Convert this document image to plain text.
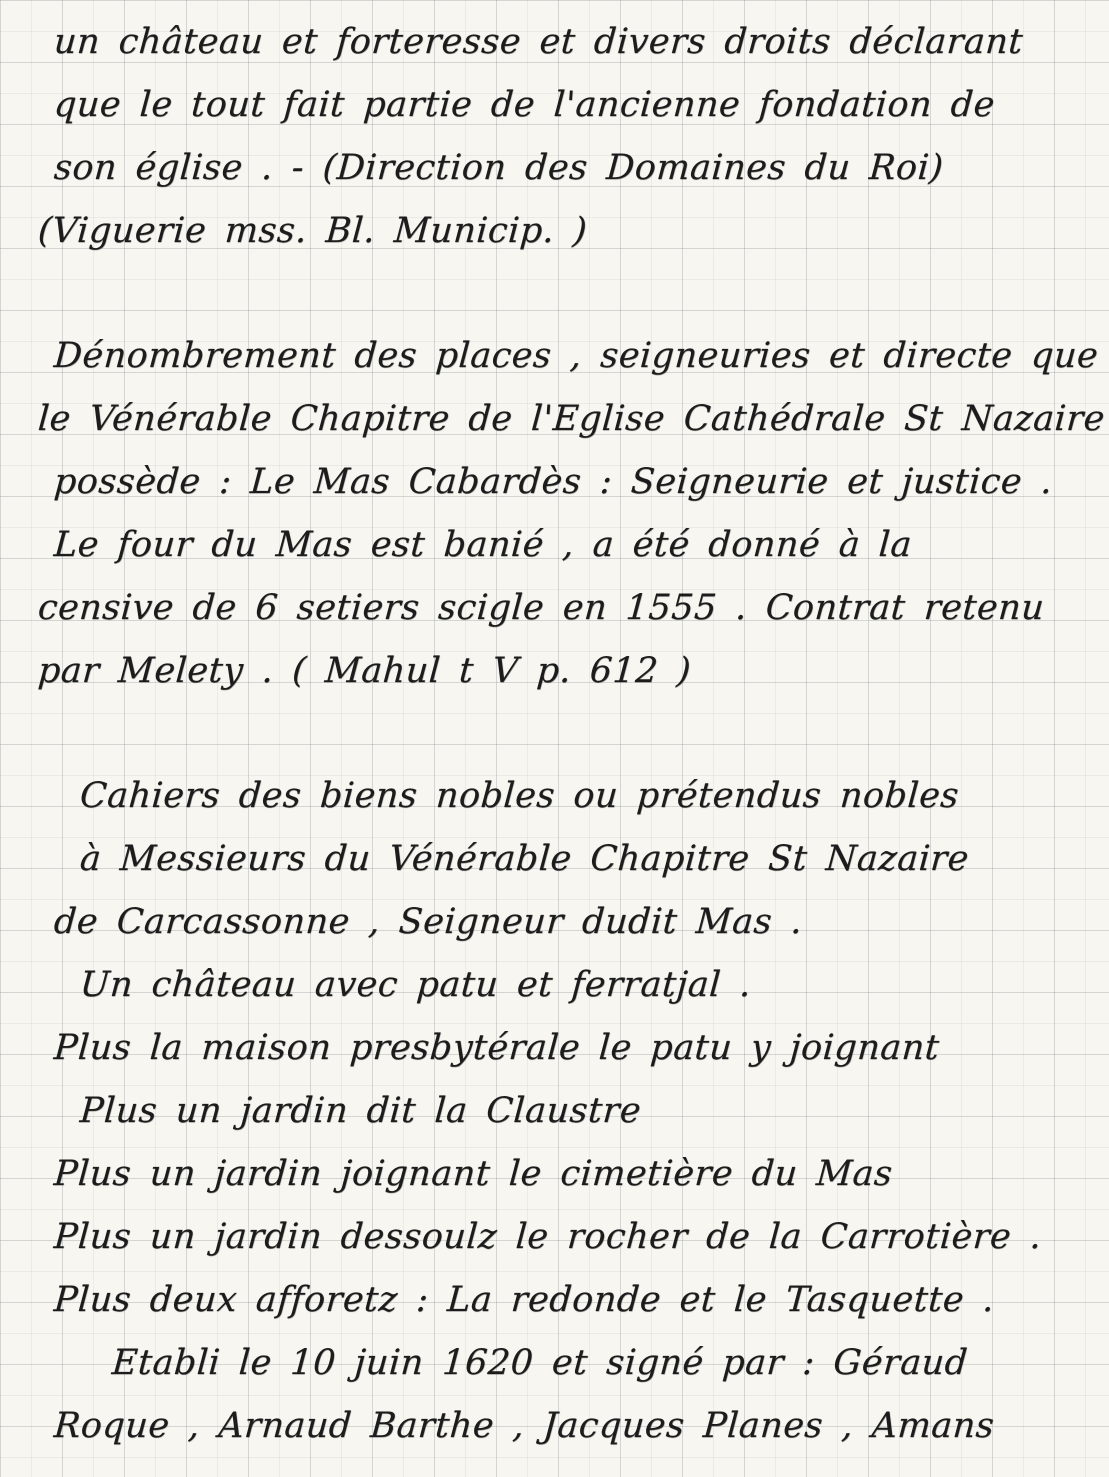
un château et forteresse et divers droits déclarant
que le tout fait partie de l'ancienne fondation de
son église . - (Direction des Domaines du Roi)
(Viguerie mss. Bl. Municip. )
Dénombrement des places , seigneuries et directe que
le Vénérable Chapitre de l'Eglise Cathédrale St Nazaire
possède : Le Mas Cabardès : Seigneurie et justice .
Le four du Mas est banié , a été donné à la
censive de 6 setiers scigle en 1555 . Contrat retenu
par Melety . ( Mahul t V p. 612 )
Cahiers des biens nobles ou prétendus nobles
à Messieurs du Vénérable Chapitre St Nazaire
de Carcassonne , Seigneur dudit Mas .
Un château avec patu et ferratjal .
Plus la maison presbytérale le patu y joignant
Plus un jardin dit la Claustre
Plus un jardin joignant le cimetière du Mas
Plus un jardin dessoulz le rocher de la Carrotière .
Plus deux afforetz : La redonde et le Tasquette .
Etabli le 10 juin 1620 et signé par : Géraud
Roque , Arnaud Barthe , Jacques Planes , Amans
